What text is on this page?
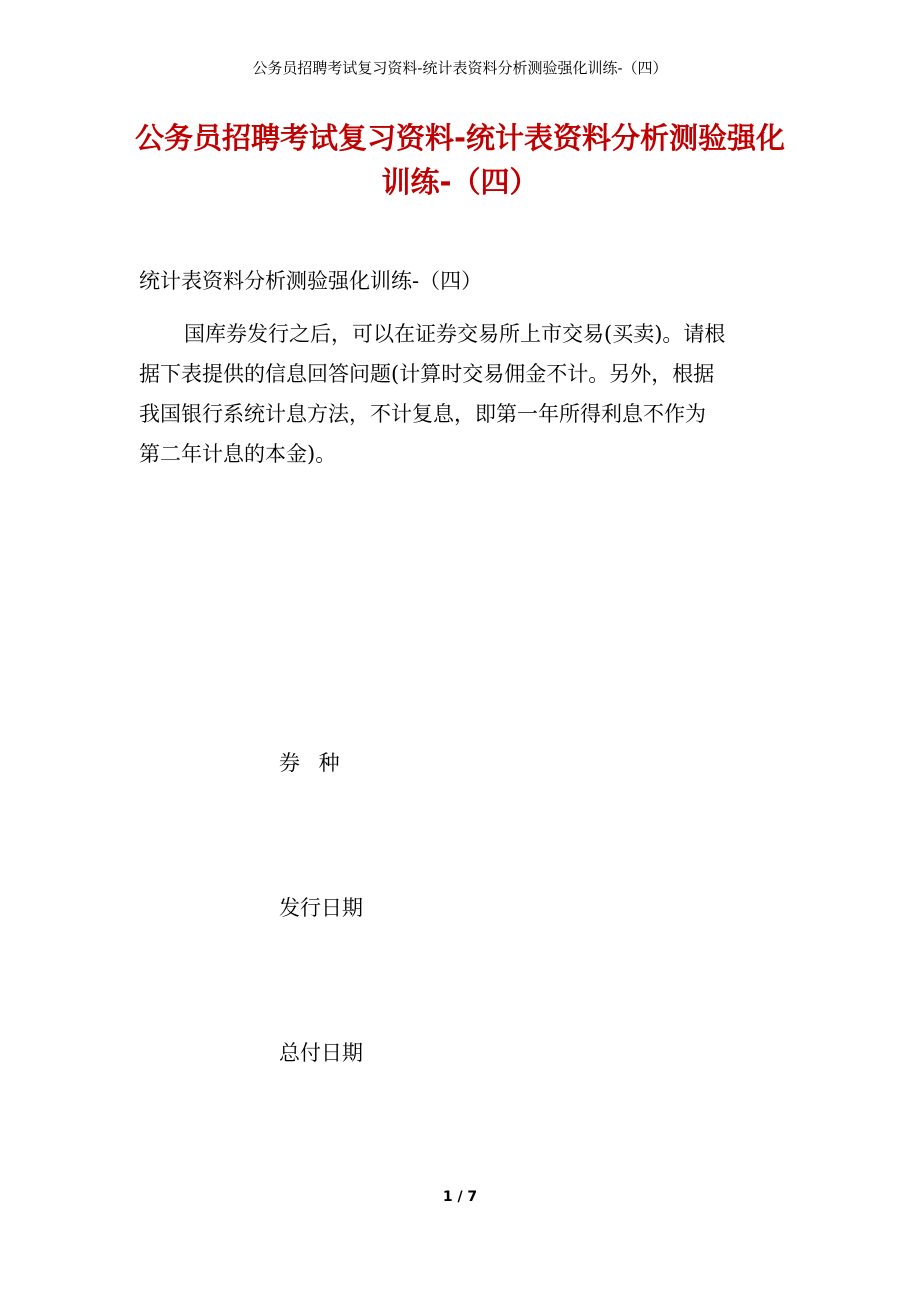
公务员招聘考试复习资料-统计表资料分析测验强化训练-（四）
公务员招聘考试复习资料-统计表资料分析测验强化
训练-（四）
统计表资料分析测验强化训练-（四）
国库券发行之后，可以在证券交易所上市交易(买卖)。请根
据下表提供的信息回答问题(计算时交易佣金不计。另外，根据
我国银行系统计息方法，不计复息，即第一年所得利息不作为
第二年计息的本金)。
券 种
发行日期
总付日期
1 / 7
